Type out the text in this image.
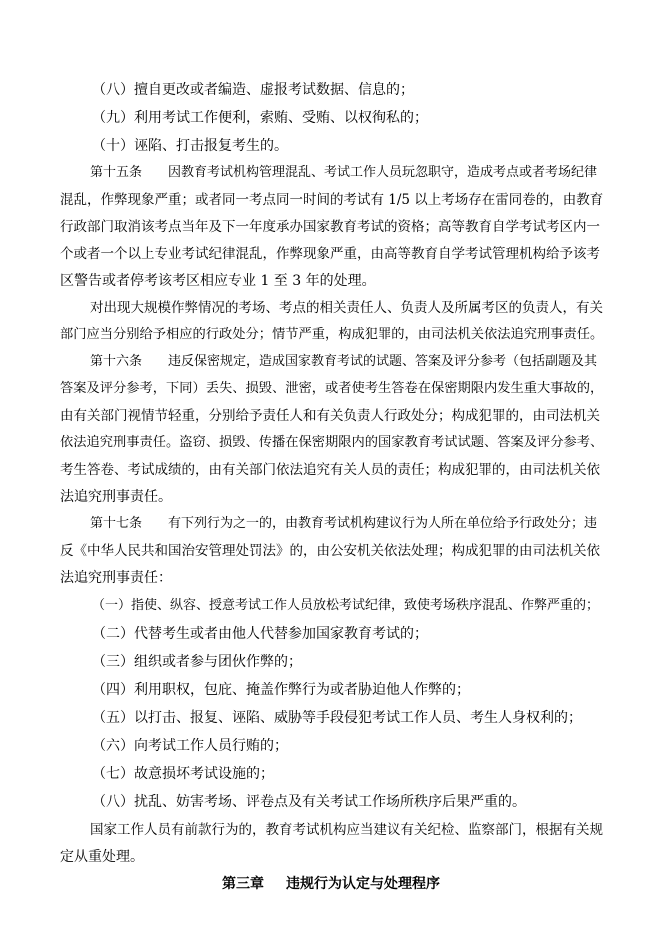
（八）擅自更改或者编造、虚报考试数据、信息的；
（九）利用考试工作便利，索贿、受贿、以权徇私的；
（十）诬陷、打击报复考生的。
第十五条　　因教育考试机构管理混乱、考试工作人员玩忽职守，造成考点或者考场纪律
混乱，作弊现象严重；或者同一考点同一时间的考试有 1/5 以上考场存在雷同卷的，由教育
行政部门取消该考点当年及下一年度承办国家教育考试的资格；高等教育自学考试考区内一
个或者一个以上专业考试纪律混乱，作弊现象严重，由高等教育自学考试管理机构给予该考
区警告或者停考该考区相应专业 1 至 3 年的处理。
对出现大规模作弊情况的考场、考点的相关责任人、负责人及所属考区的负责人，有关
部门应当分别给予相应的行政处分；情节严重，构成犯罪的，由司法机关依法追究刑事责任。
第十六条　　违反保密规定，造成国家教育考试的试题、答案及评分参考（包括副题及其
答案及评分参考，下同）丢失、损毁、泄密，或者使考生答卷在保密期限内发生重大事故的，
由有关部门视情节轻重，分别给予责任人和有关负责人行政处分；构成犯罪的，由司法机关
依法追究刑事责任。盗窃、损毁、传播在保密期限内的国家教育考试试题、答案及评分参考、
考生答卷、考试成绩的，由有关部门依法追究有关人员的责任；构成犯罪的，由司法机关依
法追究刑事责任。
第十七条　　有下列行为之一的，由教育考试机构建议行为人所在单位给予行政处分；违
反《中华人民共和国治安管理处罚法》的，由公安机关依法处理；构成犯罪的由司法机关依
法追究刑事责任：
（一）指使、纵容、授意考试工作人员放松考试纪律，致使考场秩序混乱、作弊严重的；
（二）代替考生或者由他人代替参加国家教育考试的；
（三）组织或者参与团伙作弊的；
（四）利用职权，包庇、掩盖作弊行为或者胁迫他人作弊的；
（五）以打击、报复、诬陷、威胁等手段侵犯考试工作人员、考生人身权利的；
（六）向考试工作人员行贿的；
（七）故意损坏考试设施的；
（八）扰乱、妨害考场、评卷点及有关考试工作场所秩序后果严重的。
国家工作人员有前款行为的，教育考试机构应当建议有关纪检、监察部门，根据有关规
定从重处理。
第三章 违规行为认定与处理程序
